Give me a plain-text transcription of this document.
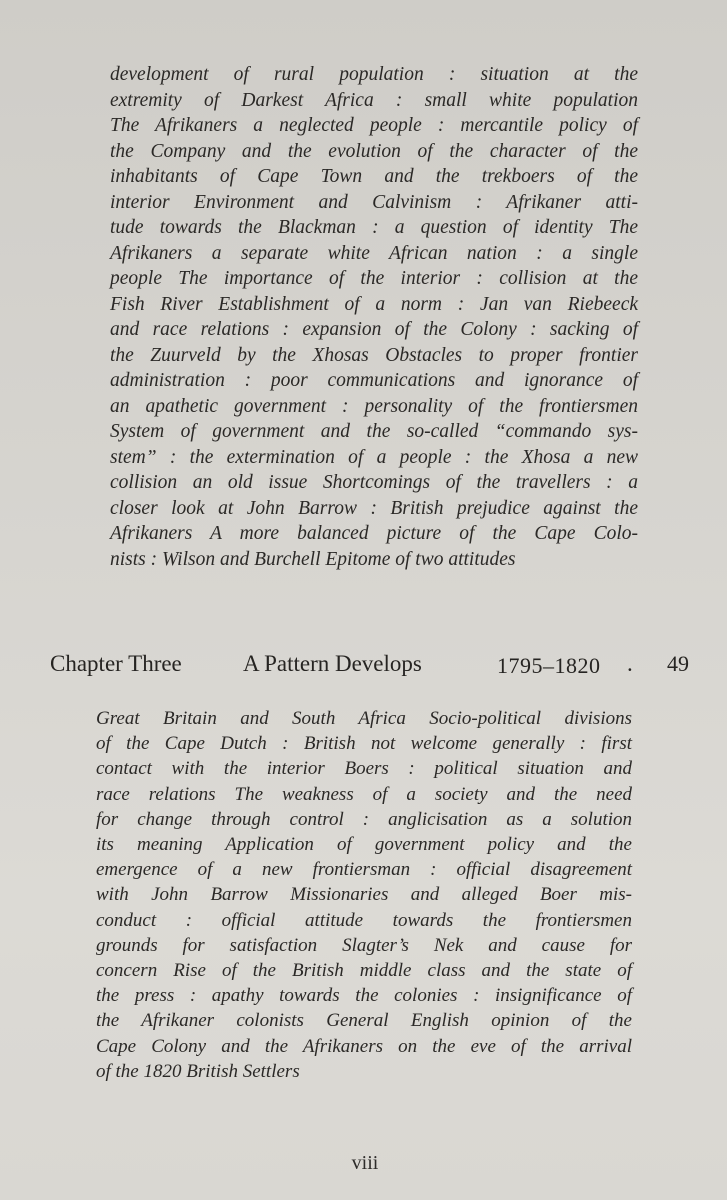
development of rural population : situation at the
extremity of Darkest Africa : small white population
The Afrikaners a neglected people : mercantile policy of
the Company and the evolution of the character of the
inhabitants of Cape Town and the trekboers of the
interior Environment and Calvinism : Afrikaner atti-
tude towards the Blackman : a question of identity The
Afrikaners a separate white African nation : a single
people The importance of the interior : collision at the
Fish River Establishment of a norm : Jan van Riebeeck
and race relations : expansion of the Colony : sacking of
the Zuurveld by the Xhosas Obstacles to proper frontier
administration : poor communications and ignorance of
an apathetic government : personality of the frontiersmen
System of government and the so-called “commando sys-
stem” : the extermination of a people : the Xhosa a new
collision an old issue Shortcomings of the travellers : a
closer look at John Barrow : British prejudice against the
Afrikaners A more balanced picture of the Cape Colo-
nists : Wilson and Burchell Epitome of two attitudes
Chapter Three	A Pattern Develops	1795–1820 . 49
Great Britain and South Africa Socio-political divisions
of the Cape Dutch : British not welcome generally : first
contact with the interior Boers : political situation and
race relations The weakness of a society and the need
for change through control : anglicisation as a solution
its meaning Application of government policy and the
emergence of a new frontiersman : official disagreement
with John Barrow Missionaries and alleged Boer mis-
conduct : official attitude towards the frontiersmen
grounds for satisfaction Slagter’s Nek and cause for
concern Rise of the British middle class and the state of
the press : apathy towards the colonies : insignificance of
the Afrikaner colonists General English opinion of the
Cape Colony and the Afrikaners on the eve of the arrival
of the 1820 British Settlers
viii
